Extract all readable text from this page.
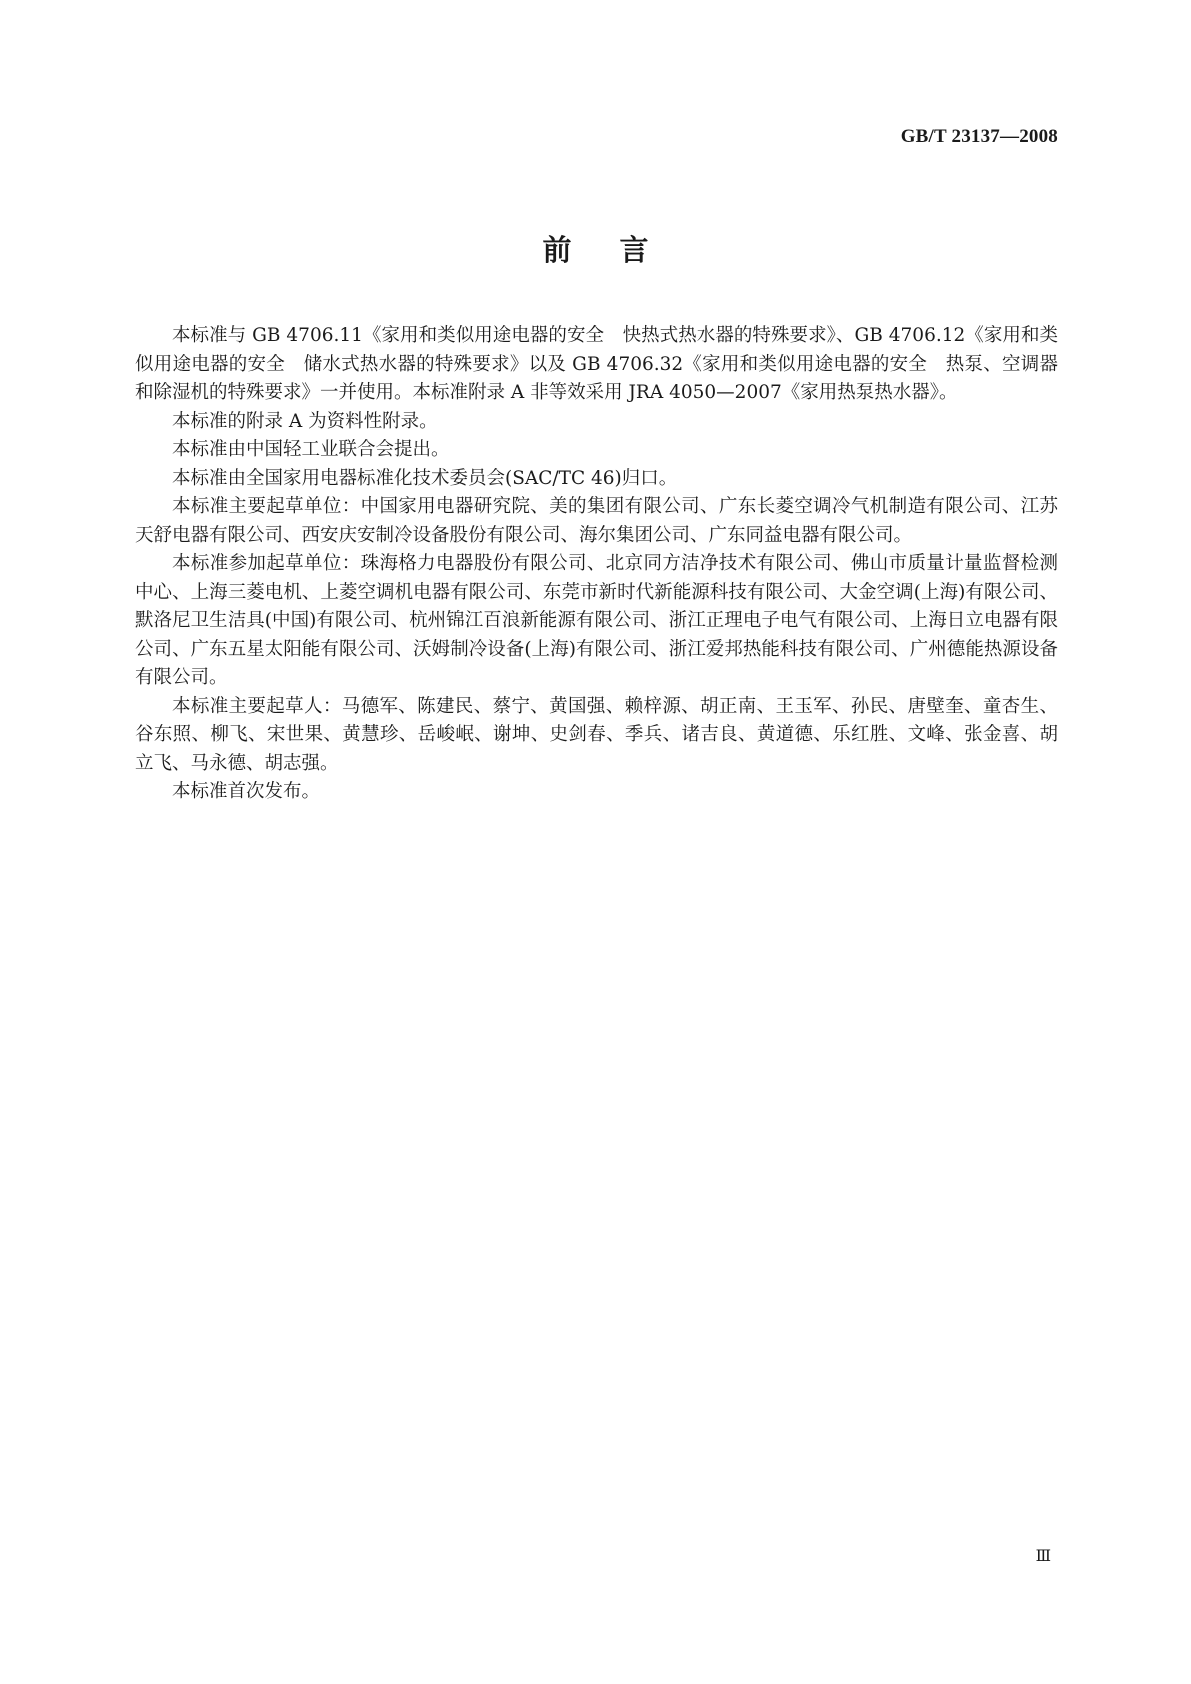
GB/T 23137—2008
前言

本标准与 GB 4706.11《家用和类似用途电器的安全　快热式热水器的特殊要求》、GB 4706.12《家用和类似用途电器的安全　储水式热水器的特殊要求》以及 GB 4706.32《家用和类似用途电器的安全　热泵、空调器和除湿机的特殊要求》一并使用。本标准附录 A 非等效采用 JRA 4050—2007《家用热泵热水器》。

本标准的附录 A 为资料性附录。

本标准由中国轻工业联合会提出。

本标准由全国家用电器标准化技术委员会(SAC/TC 46)归口。

本标准主要起草单位：中国家用电器研究院、美的集团有限公司、广东长菱空调冷气机制造有限公司、江苏天舒电器有限公司、西安庆安制冷设备股份有限公司、海尔集团公司、广东同益电器有限公司。

本标准参加起草单位：珠海格力电器股份有限公司、北京同方洁净技术有限公司、佛山市质量计量监督检测中心、上海三菱电机、上菱空调机电器有限公司、东莞市新时代新能源科技有限公司、大金空调(上海)有限公司、默洛尼卫生洁具(中国)有限公司、杭州锦江百浪新能源有限公司、浙江正理电子电气有限公司、上海日立电器有限公司、广东五星太阳能有限公司、沃姆制冷设备(上海)有限公司、浙江爱邦热能科技有限公司、广州德能热源设备有限公司。

本标准主要起草人：马德军、陈建民、蔡宁、黄国强、赖梓源、胡正南、王玉军、孙民、唐壁奎、童杏生、谷东照、柳飞、宋世果、黄慧珍、岳峻岷、谢坤、史剑春、季兵、诸吉良、黄道德、乐红胜、文峰、张金喜、胡立飞、马永德、胡志强。

本标准首次发布。

Ⅲ
